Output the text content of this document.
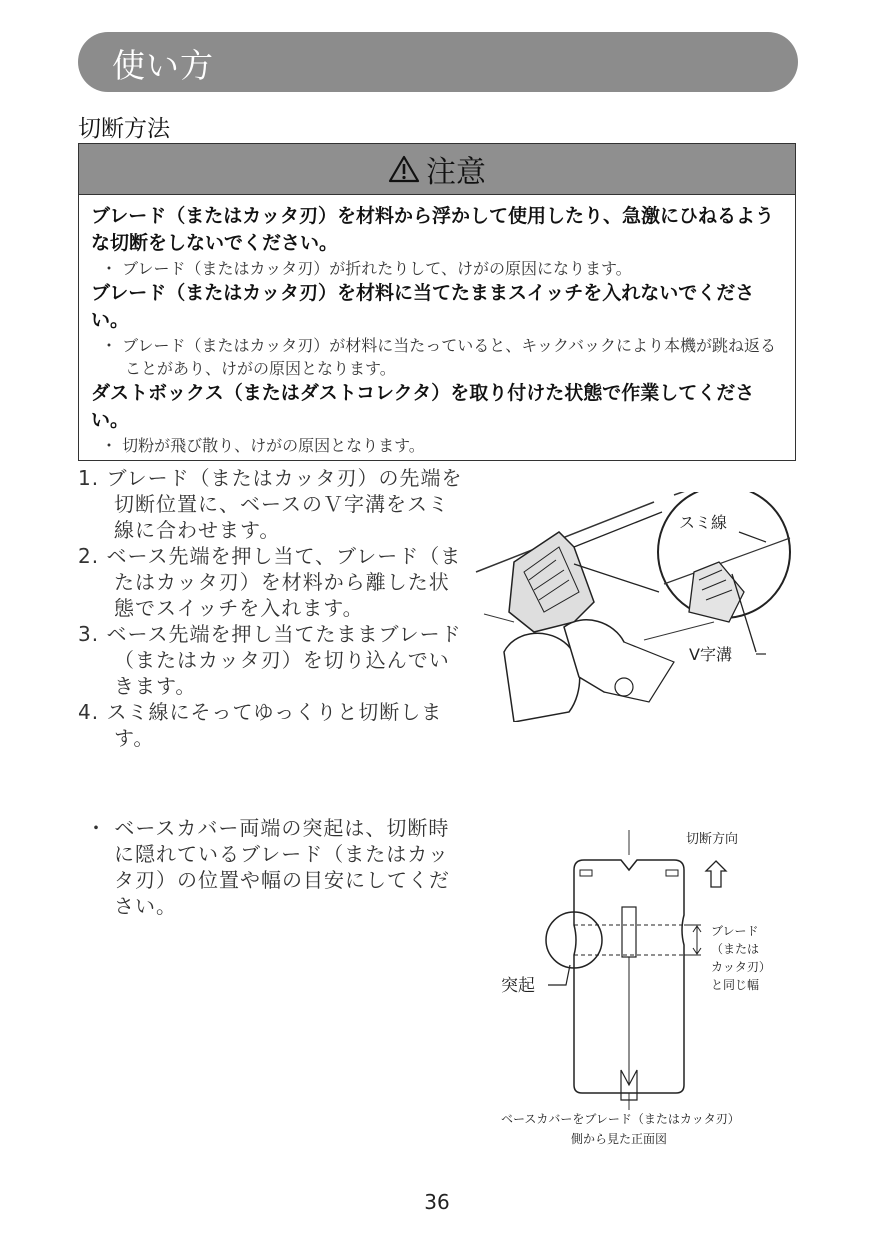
使い方
切断方法
注意
ブレード（またはカッタ刃）を材料から浮かして使用したり、急激にひねるような切断をしないでください。
・ ブレード（またはカッタ刃）が折れたりして、けがの原因になります。
ブレード（またはカッタ刃）を材料に当てたままスイッチを入れないでください。
・ ブレード（またはカッタ刃）が材料に当たっていると、キックバックにより本機が跳ね返ることがあり、けがの原因となります。
ダストボックス（またはダストコレクタ）を取り付けた状態で作業してください。
・ 切粉が飛び散り、けがの原因となります。
1. ブレード（またはカッタ刃）の先端を切断位置に、ベースのＶ字溝をスミ線に合わせます。
2. ベース先端を押し当て、ブレード（またはカッタ刃）を材料から離した状態でスイッチを入れます。
3. ベース先端を押し当てたままブレード（またはカッタ刃）を切り込んでいきます。
4. スミ線にそってゆっくりと切断します。
スミ線
V字溝
・ ベースカバー両端の突起は、切断時に隠れているブレード（またはカッタ刃）の位置や幅の目安にしてください。
切断方向
ブレード
（または
カッタ刃）
と同じ幅
突起
ベースカバーをブレード（またはカッタ刃）
側から見た正面図
36
